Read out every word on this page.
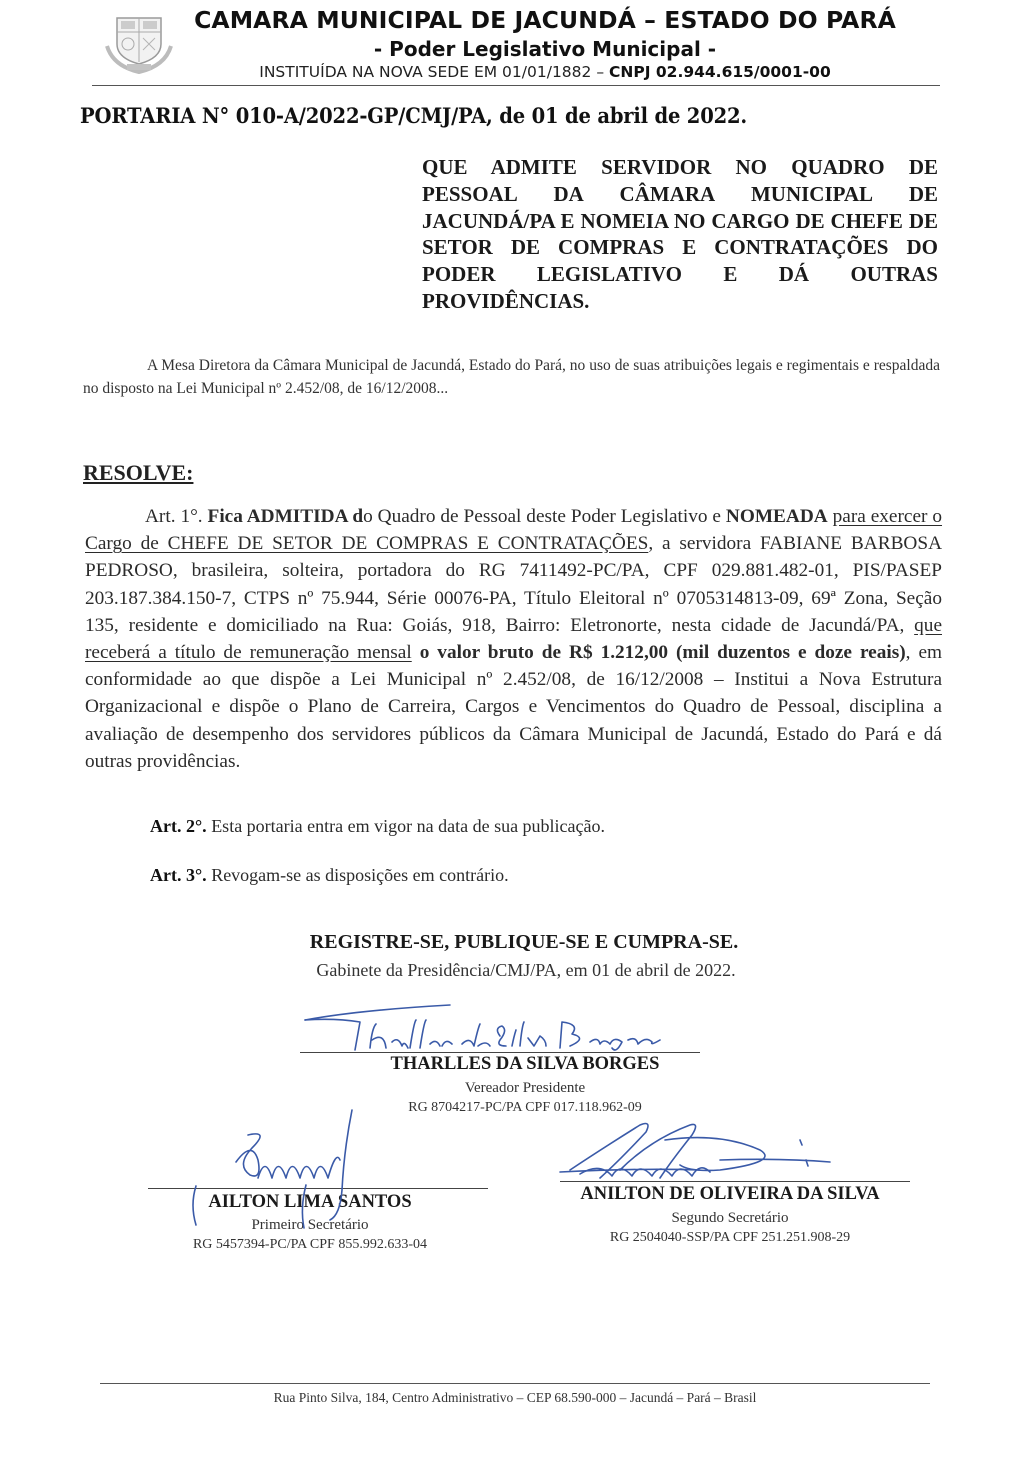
CAMARA MUNICIPAL DE JACUNDÁ – ESTADO DO PARÁ
- Poder Legislativo Municipal -
INSTITUÍDA NA NOVA SEDE EM 01/01/1882 – CNPJ 02.944.615/0001-00
PORTARIA N° 010-A/2022-GP/CMJ/PA, de 01 de abril de 2022.
QUE ADMITE SERVIDOR NO QUADRO DE PESSOAL DA CÂMARA MUNICIPAL DE JACUNDÁ/PA E NOMEIA NO CARGO DE CHEFE DE SETOR DE COMPRAS E CONTRATAÇÕES DO PODER LEGISLATIVO E DÁ OUTRAS PROVIDÊNCIAS.
A Mesa Diretora da Câmara Municipal de Jacundá, Estado do Pará, no uso de suas atribuições legais e regimentais e respaldada no disposto na Lei Municipal nº 2.452/08, de 16/12/2008...
RESOLVE:
Art. 1°. Fica ADMITIDA do Quadro de Pessoal deste Poder Legislativo e NOMEADA para exercer o Cargo de CHEFE DE SETOR DE COMPRAS E CONTRATAÇÕES, a servidora FABIANE BARBOSA PEDROSO, brasileira, solteira, portadora do RG 7411492-PC/PA, CPF 029.881.482-01, PIS/PASEP 203.187.384.150-7, CTPS nº 75.944, Série 00076-PA, Título Eleitoral nº 0705314813-09, 69ª Zona, Seção 135, residente e domiciliado na Rua: Goiás, 918, Bairro: Eletronorte, nesta cidade de Jacundá/PA, que receberá a título de remuneração mensal o valor bruto de R$ 1.212,00 (mil duzentos e doze reais), em conformidade ao que dispõe a Lei Municipal nº 2.452/08, de 16/12/2008 – Institui a Nova Estrutura Organizacional e dispõe o Plano de Carreira, Cargos e Vencimentos do Quadro de Pessoal, disciplina a avaliação de desempenho dos servidores públicos da Câmara Municipal de Jacundá, Estado do Pará e dá outras providências.
Art. 2°. Esta portaria entra em vigor na data de sua publicação.
Art. 3°. Revogam-se as disposições em contrário.
REGISTRE-SE, PUBLIQUE-SE E CUMPRA-SE.
Gabinete da Presidência/CMJ/PA, em 01 de abril de 2022.
THARLLES DA SILVA BORGES
Vereador Presidente
RG 8704217-PC/PA CPF 017.118.962-09
AILTON LIMA SANTOS
Primeiro Secretário
RG 5457394-PC/PA CPF 855.992.633-04
ANILTON DE OLIVEIRA DA SILVA
Segundo Secretário
RG 2504040-SSP/PA CPF 251.251.908-29
Rua Pinto Silva, 184, Centro Administrativo – CEP 68.590-000 – Jacundá – Pará – Brasil
